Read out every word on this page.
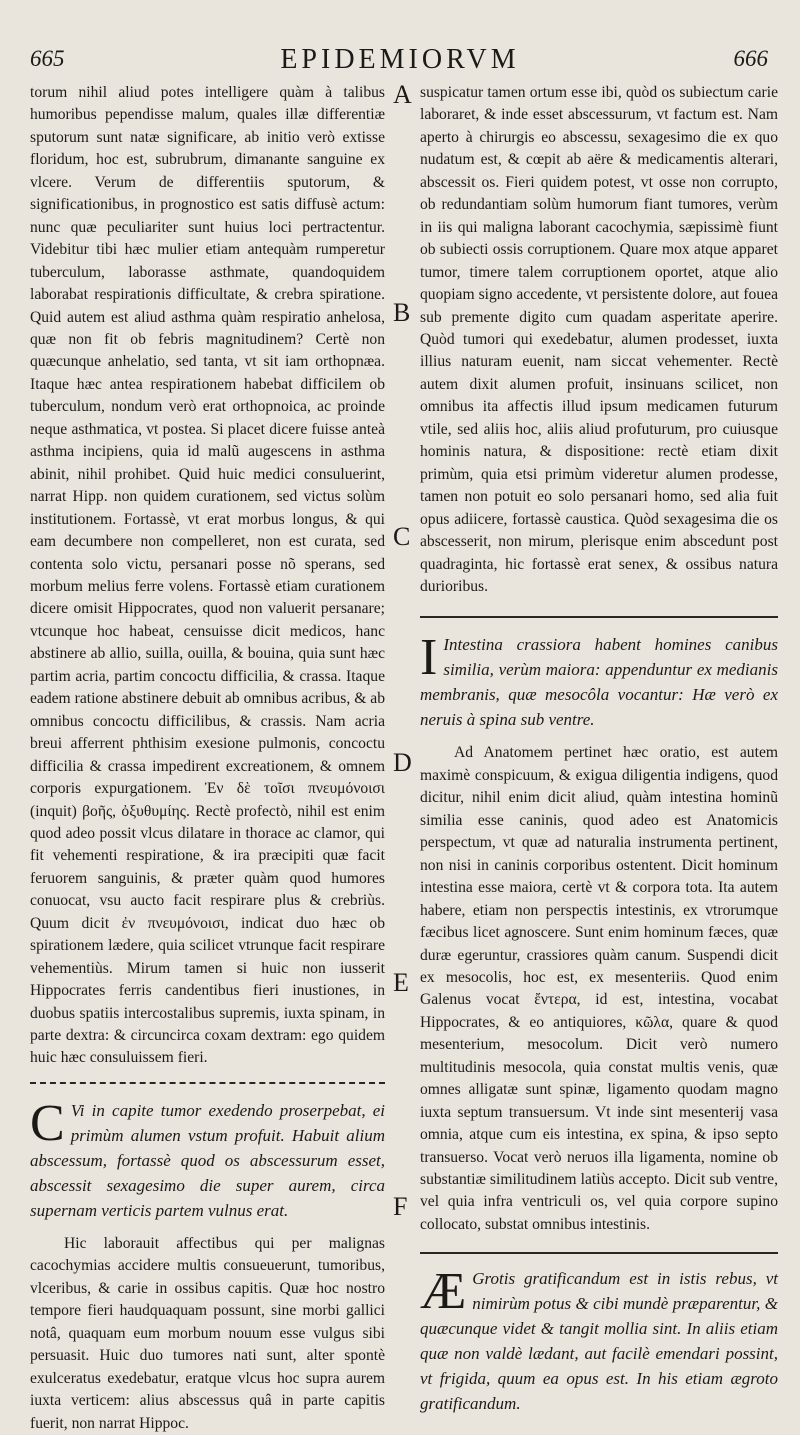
665	EPIDEMIORVM	666
A
B
C
D
E
F
torum nihil aliud potes intelligere quàm à talibus humoribus pependisse malum, quales illæ differentiæ sputorum sunt natæ significare, ab initio verò extisse floridum, hoc est, subrubrum, dimanante sanguine ex vlcere. Verum de differentiis sputorum, & significationibus, in prognostico est satis diffusè actum: nunc quæ peculiariter sunt huius loci pertractentur. Videbitur tibi hæc mulier etiam antequàm rumperetur tuberculum, laborasse asthmate, quandoquidem laborabat respirationis difficultate, & crebra spiratione. Quid autem est aliud asthma quàm respiratio anhelosa, quæ non fit ob febris magnitudinem? Certè non quæcunque anhelatio, sed tanta, vt sit iam orthopnæa. Itaque hæc antea respirationem habebat difficilem ob tuberculum, nondum verò erat orthopnoica, ac proinde neque asthmatica, vt postea. Si placet dicere fuisse anteà asthma incipiens, quia id malũ augescens in asthma abinit, nihil prohibet. Quid huic medici consuluerint, narrat Hipp. non quidem curationem, sed victus solùm institutionem. Fortassè, vt erat morbus longus, & qui eam decumbere non compelleret, non est curata, sed contenta solo victu, persanari posse nõ sperans, sed morbum melius ferre volens. Fortassè etiam curationem dicere omisit Hippocrates, quod non valuerit persanare; vtcunque hoc habeat, censuisse dicit medicos, hanc abstinere ab allio, suilla, ouilla, & bouina, quia sunt hæc partim acria, partim concoctu difficilia, & crassa. Itaque eadem ratione abstinere debuit ab omnibus acribus, & ab omnibus concoctu difficilibus, & crassis. Nam acria breui afferrent phthisim exesione pulmonis, concoctu difficilia & crassa impedirent excreationem, & omnem corporis expurgationem. Ἐν δὲ τοῖσι πνευμόνοισι (inquit) βοῆς, ὀξυθυμίης. Rectè profectò, nihil est enim quod adeo possit vlcus dilatare in thorace ac clamor, qui fit vehementi respiratione, & ira præcipiti quæ facit feruorem sanguinis, & præter quàm quod humores conuocat, vsu aucto facit respirare plus & crebriùs. Quum dicit ἐν πνευμόνοισι, indicat duo hæc ob spirationem lædere, quia scilicet vtrunque facit respirare vehementiùs. Mirum tamen si huic non iusserit Hippocrates ferris candentibus fieri inustiones, in duobus spatiis intercostalibus supremis, iuxta spinam, in parte dextra: & circuncirca coxam dextram: ego quidem huic hæc consuluissem fieri.
C Vi in capite tumor exedendo proserpebat, ei primùm alumen vstum profuit. Habuit alium abscessum, fortassè quod os abscessurum esset, abscessit sexagesimo die super aurem, circa supernam verticis partem vulnus erat.
Hic laborauit affectibus qui per malignas cacochymias accidere multis consueuerunt, tumoribus, vlceribus, & carie in ossibus capitis. Quæ hoc nostro tempore fieri haudquaquam possunt, sine morbi gallici notâ, quaquam eum morbum nouum esse vulgus sibi persuasit. Huic duo tumores nati sunt, alter spontè exulceratus exedebatur, eratque vlcus hoc supra aurem iuxta verticem: alius abscessus quâ in parte capitis fuerit, non narrat Hippoc.
suspicatur tamen ortum esse ibi, quòd os subiectum carie laboraret, & inde esset abscessurum, vt factum est. Nam aperto à chirurgis eo abscessu, sexagesimo die ex quo nudatum est, & cœpit ab aëre & medicamentis alterari, abscessit os. Fieri quidem potest, vt osse non corrupto, ob redundantiam solùm humorum fiant tumores, verùm in iis qui maligna laborant cacochymia, sæpissimè fiunt ob subiecti ossis corruptionem. Quare mox atque apparet tumor, timere talem corruptionem oportet, atque alio quopiam signo accedente, vt persistente dolore, aut fouea sub premente digito cum quadam asperitate aperire. Quòd tumori qui exedebatur, alumen prodesset, iuxta illius naturam euenit, nam siccat vehementer. Rectè autem dixit alumen profuit, insinuans scilicet, non omnibus ita affectis illud ipsum medicamen futurum vtile, sed aliis hoc, aliis aliud profuturum, pro cuiusque hominis natura, & dispositione: rectè etiam dixit primùm, quia etsi primùm videretur alumen prodesse, tamen non potuit eo solo persanari homo, sed alia fuit opus adiicere, fortassè caustica. Quòd sexagesima die os abscesserit, non mirum, plerisque enim abscedunt post quadraginta, hic fortassè erat senex, & ossibus natura durioribus.
I Intestina crassiora habent homines canibus similia, verùm maiora: appenduntur ex medianis membranis, quæ mesocôla vocantur: Hæ verò ex neruis à spina sub ventre.
Ad Anatomem pertinet hæc oratio, est autem maximè conspicuum, & exigua diligentia indigens, quod dicitur, nihil enim dicit aliud, quàm intestina hominũ similia esse caninis, quod adeo est Anatomicis perspectum, vt quæ ad naturalia instrumenta pertinent, non nisi in caninis corporibus ostentent. Dicit hominum intestina esse maiora, certè vt & corpora tota. Ita autem habere, etiam non perspectis intestinis, ex vtrorumque fæcibus licet agnoscere. Sunt enim hominum fæces, quæ duræ egeruntur, crassiores quàm canum. Suspendi dicit ex mesocolis, hoc est, ex mesenteriis. Quod enim Galenus vocat ἔντερα, id est, intestina, vocabat Hippocrates, & eo antiquiores, κῶλα, quare & quod mesenterium, mesocolum. Dicit verò numero multitudinis mesocola, quia constat multis venis, quæ omnes alligatæ sunt spinæ, ligamento quodam magno iuxta septum transuersum. Vt inde sint mesenterij vasa omnia, atque cum eis intestina, ex spina, & ipso septo transuerso. Vocat verò neruos illa ligamenta, nomine ob substantiæ similitudinem latiùs accepto. Dicit sub ventre, vel quia infra ventriculi os, vel quia corpore supino collocato, substat omnibus intestinis.
Æ Grotis gratificandum est in istis rebus, vt nimirùm potus & cibi mundè præparentur, & quæcunque videt & tangit mollia sint. In aliis etiam quæ non valdè lædant, aut facilè emendari possint, vt frigida, quum ea opus est. In his etiam ægroto gratificandum.
